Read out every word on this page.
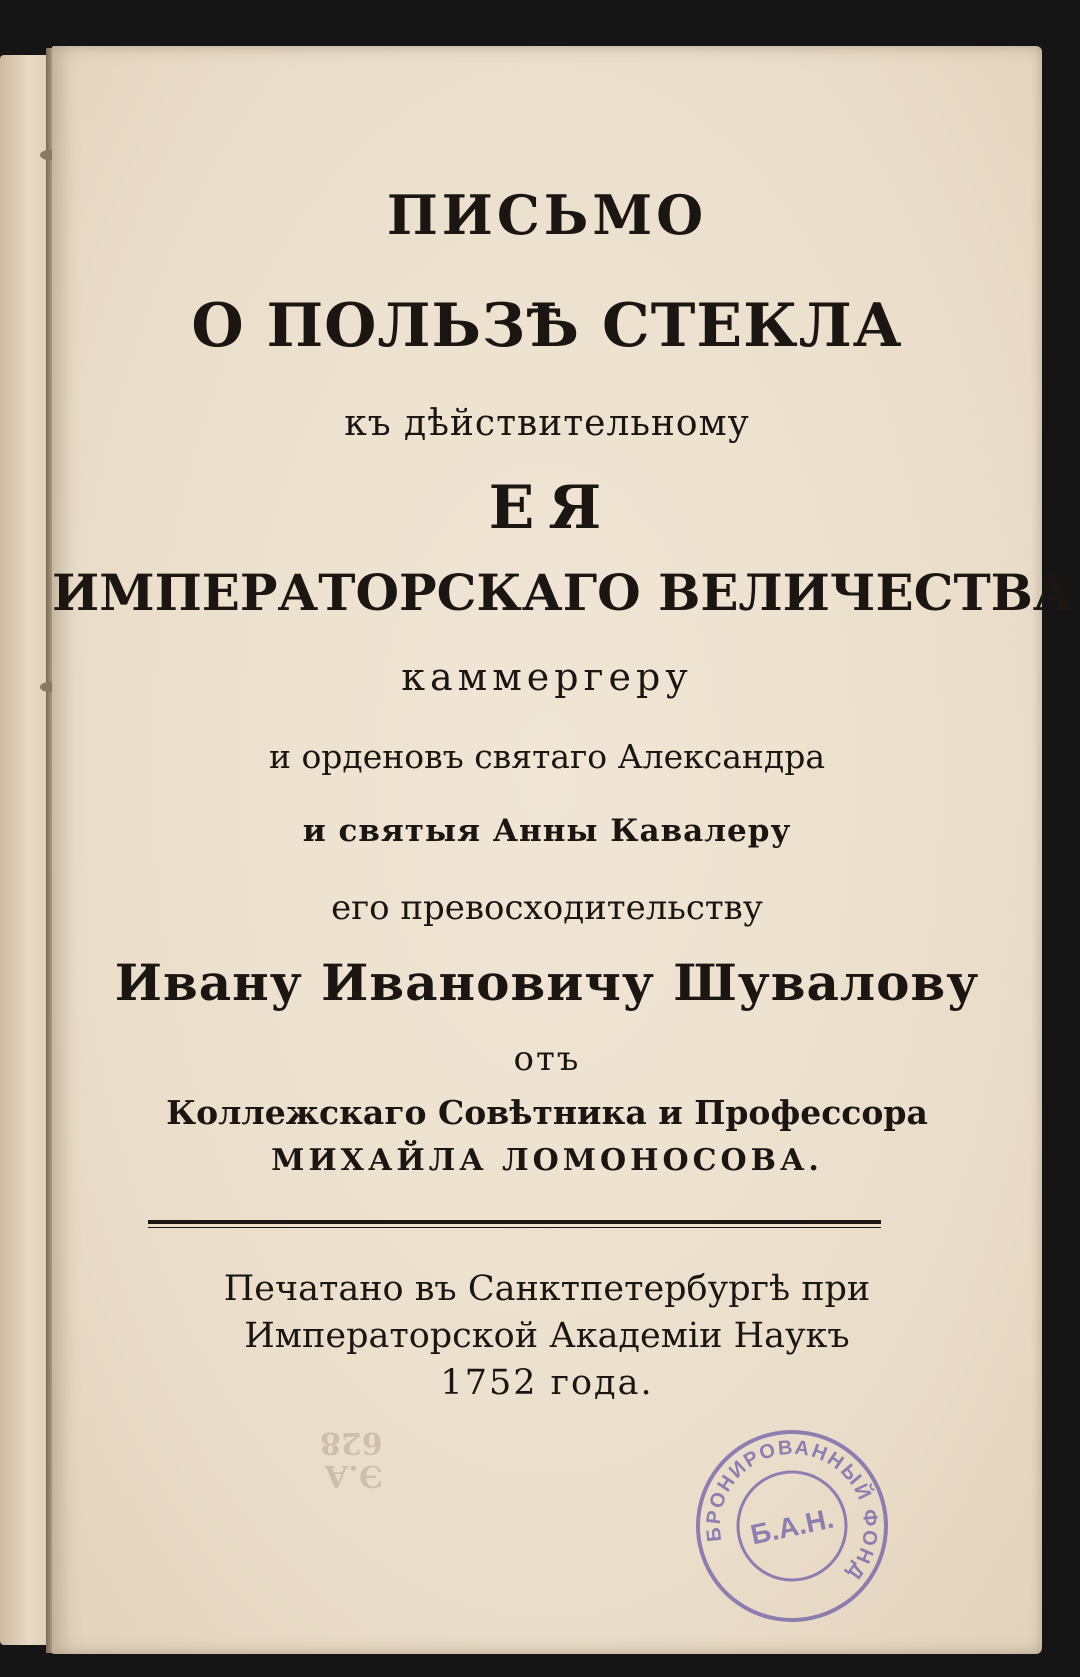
ПИСЬМО
О ПОЛЬЗѢ СТЕКЛА
къ дѣйствительному
ЕЯ
ИМПЕРАТОРСКАГО ВЕЛИЧЕСТВА
каммергеру
и орденовъ святаго Александра
и святыя Анны Кавалеру
его превосходительству
Ивану Ивановичу Шувалову
отъ
Коллежскаго Совѣтника и Профессора
МИХАЙЛА ЛОМОНОСОВА.
Печатано въ Санктпетербургѣ при
Императорской Академіи Наукъ
1752 года.
Э.А
628
БРОНИРОВАННЫЙ ФОНД
Б.А.Н.
